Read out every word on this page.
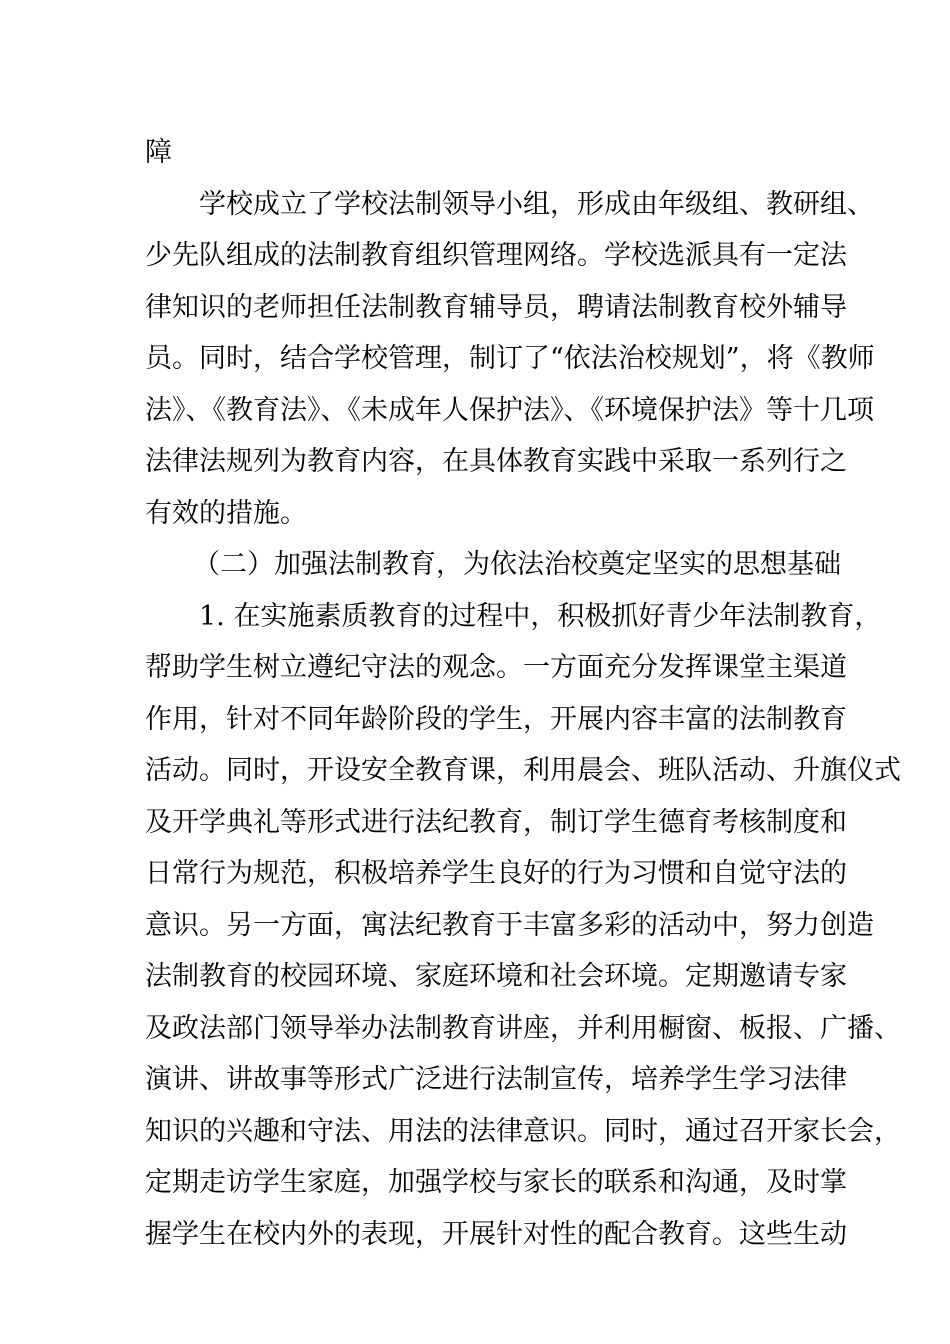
障
学校成立了学校法制领导小组，形成由年级组、教研组、
少先队组成的法制教育组织管理网络。学校选派具有一定法
律知识的老师担任法制教育辅导员，聘请法制教育校外辅导
员。同时，结合学校管理，制订了“依法治校规划”，将《教师
法》、《教育法》、《未成年人保护法》、《环境保护法》等十几项
法律法规列为教育内容，在具体教育实践中采取一系列行之
有效的措施。
（二）加强法制教育，为依法治校奠定坚实的思想基础
1. 在实施素质教育的过程中，积极抓好青少年法制教育，
帮助学生树立遵纪守法的观念。一方面充分发挥课堂主渠道
作用，针对不同年龄阶段的学生，开展内容丰富的法制教育
活动。同时，开设安全教育课，利用晨会、班队活动、升旗仪式
及开学典礼等形式进行法纪教育，制订学生德育考核制度和
日常行为规范，积极培养学生良好的行为习惯和自觉守法的
意识。另一方面，寓法纪教育于丰富多彩的活动中，努力创造
法制教育的校园环境、家庭环境和社会环境。定期邀请专家
及政法部门领导举办法制教育讲座，并利用橱窗、板报、广播、
演讲、讲故事等形式广泛进行法制宣传，培养学生学习法律
知识的兴趣和守法、用法的法律意识。同时，通过召开家长会，
定期走访学生家庭，加强学校与家长的联系和沟通，及时掌
握学生在校内外的表现，开展针对性的配合教育。这些生动
